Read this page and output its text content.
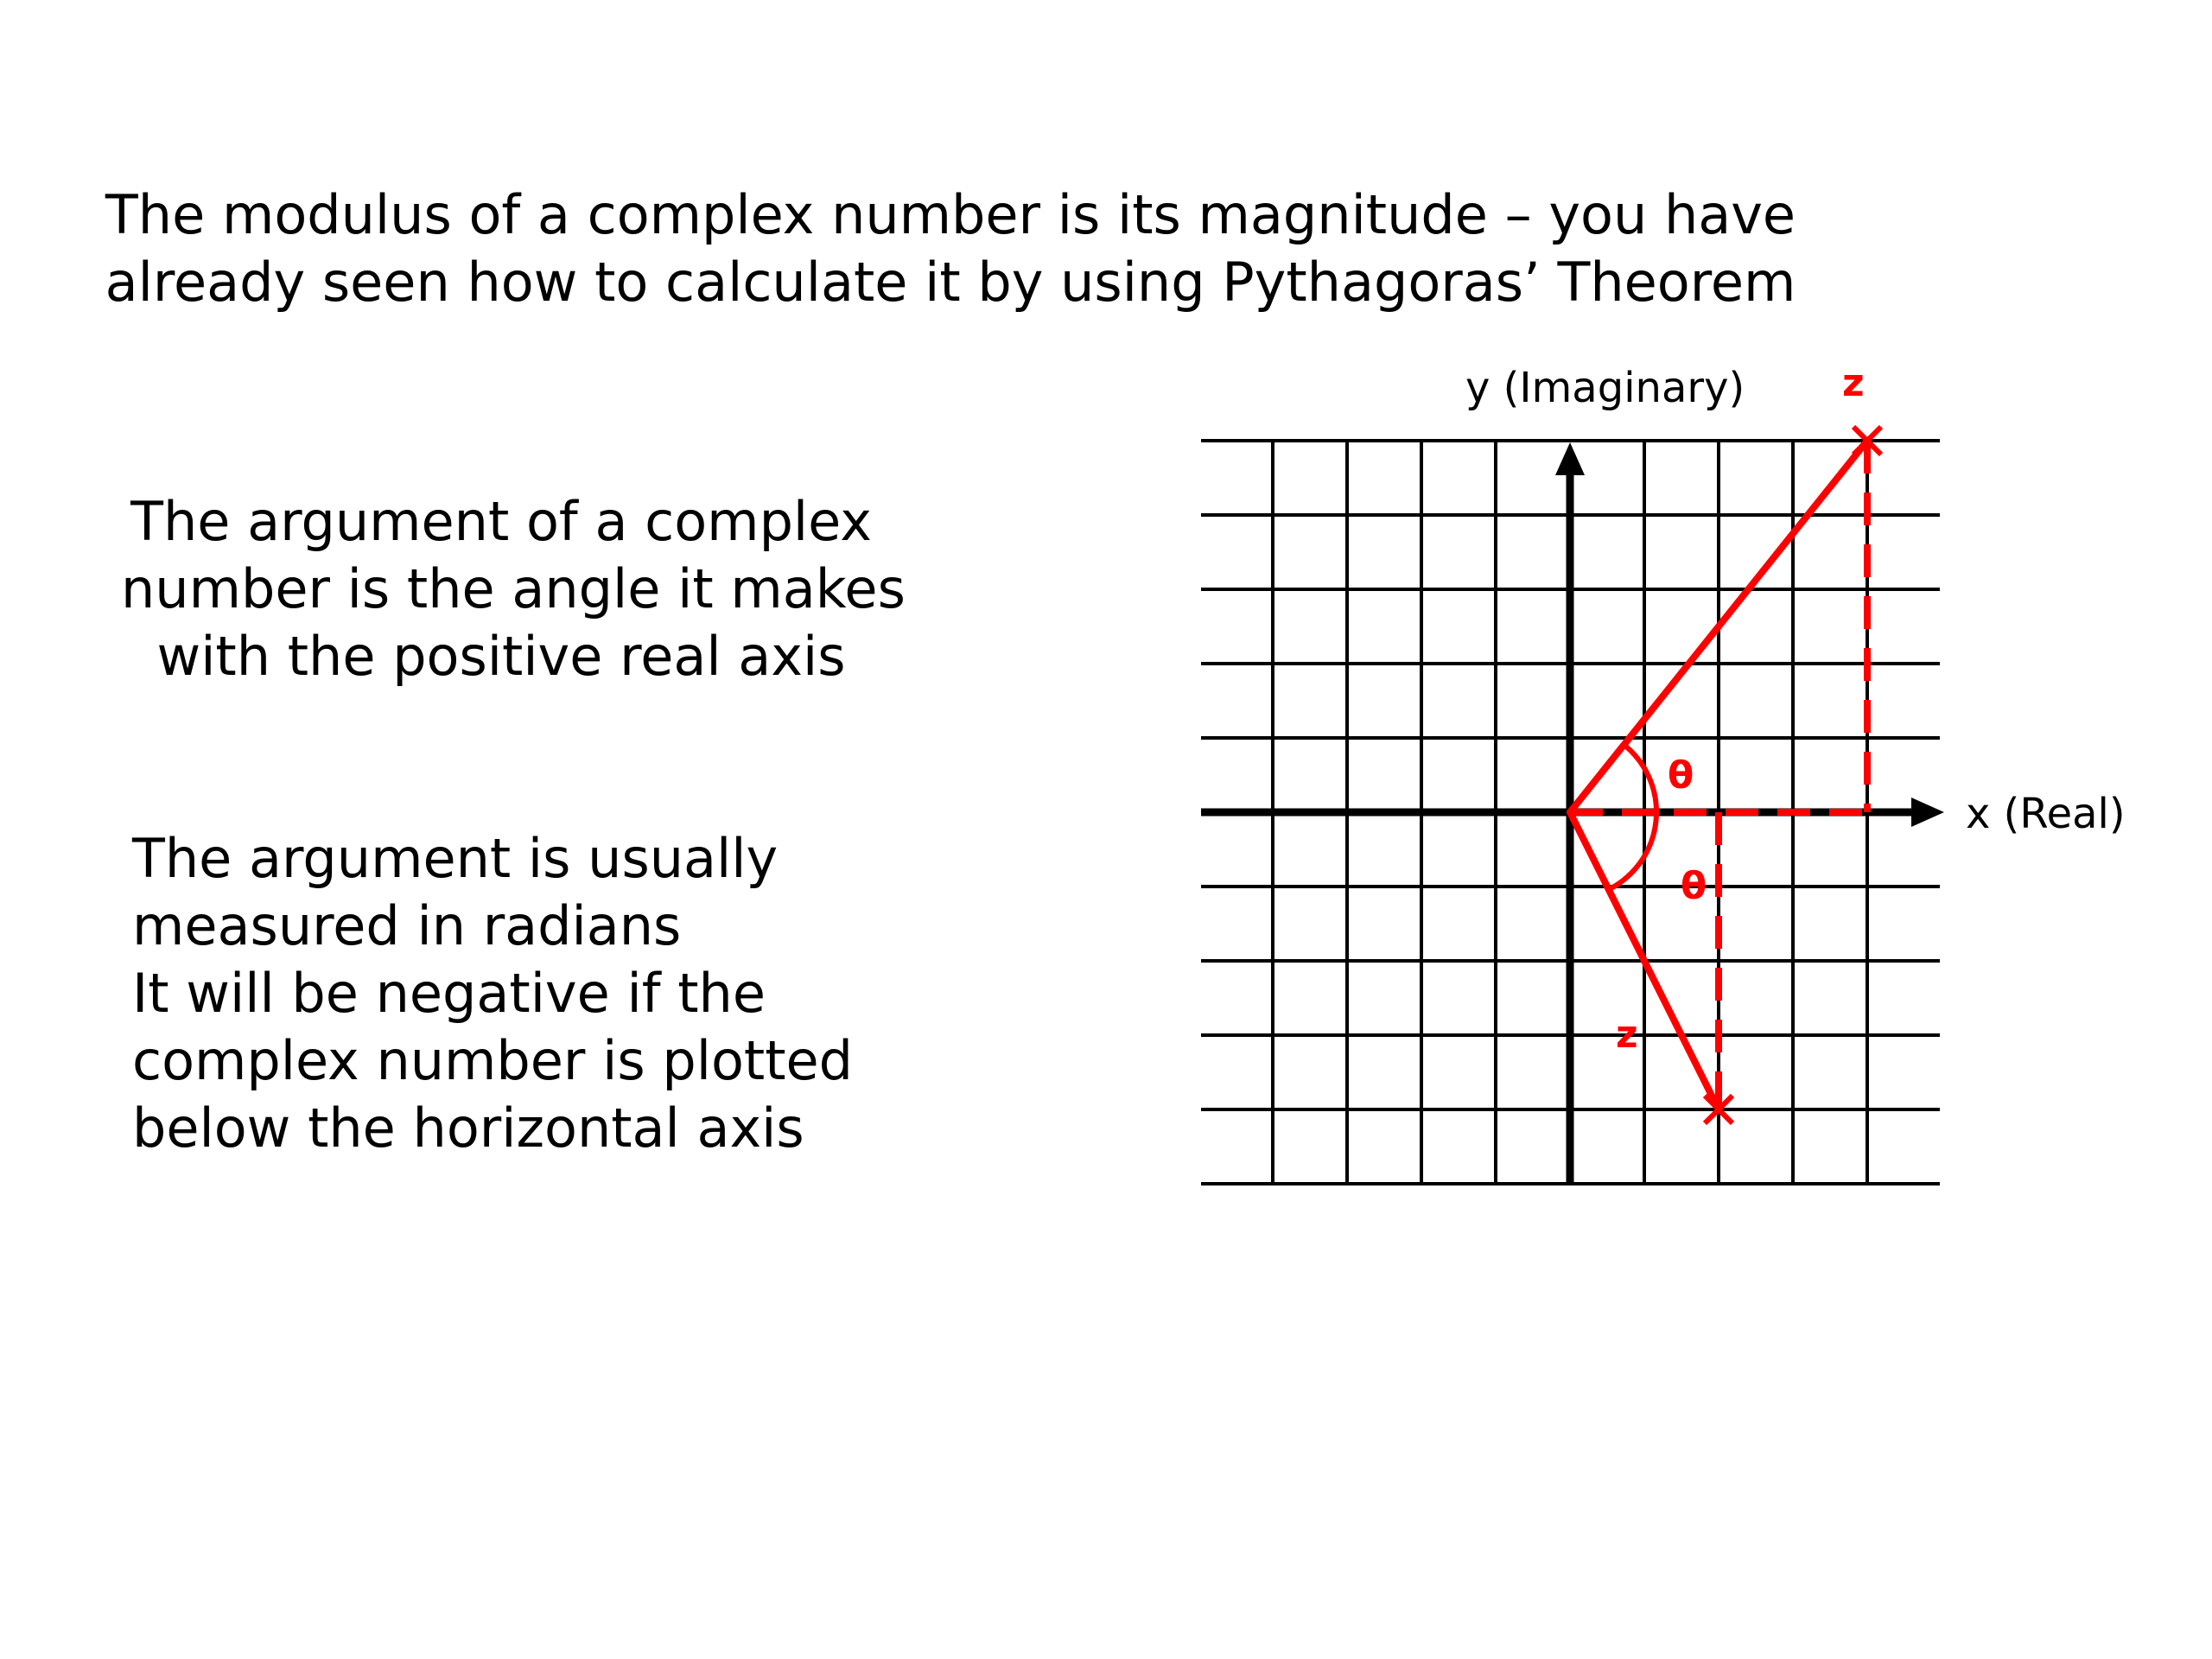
The modulus of a complex number is its magnitude – you have
already seen how to calculate it by using Pythagoras’ Theorem
The argument of a complex
number is the angle it makes
with the positive real axis
The argument is usually
measured in radians
It will be negative if the
complex number is plotted
below the horizontal axis
y (Imaginary)
x (Real)
z
z
θ
θ
